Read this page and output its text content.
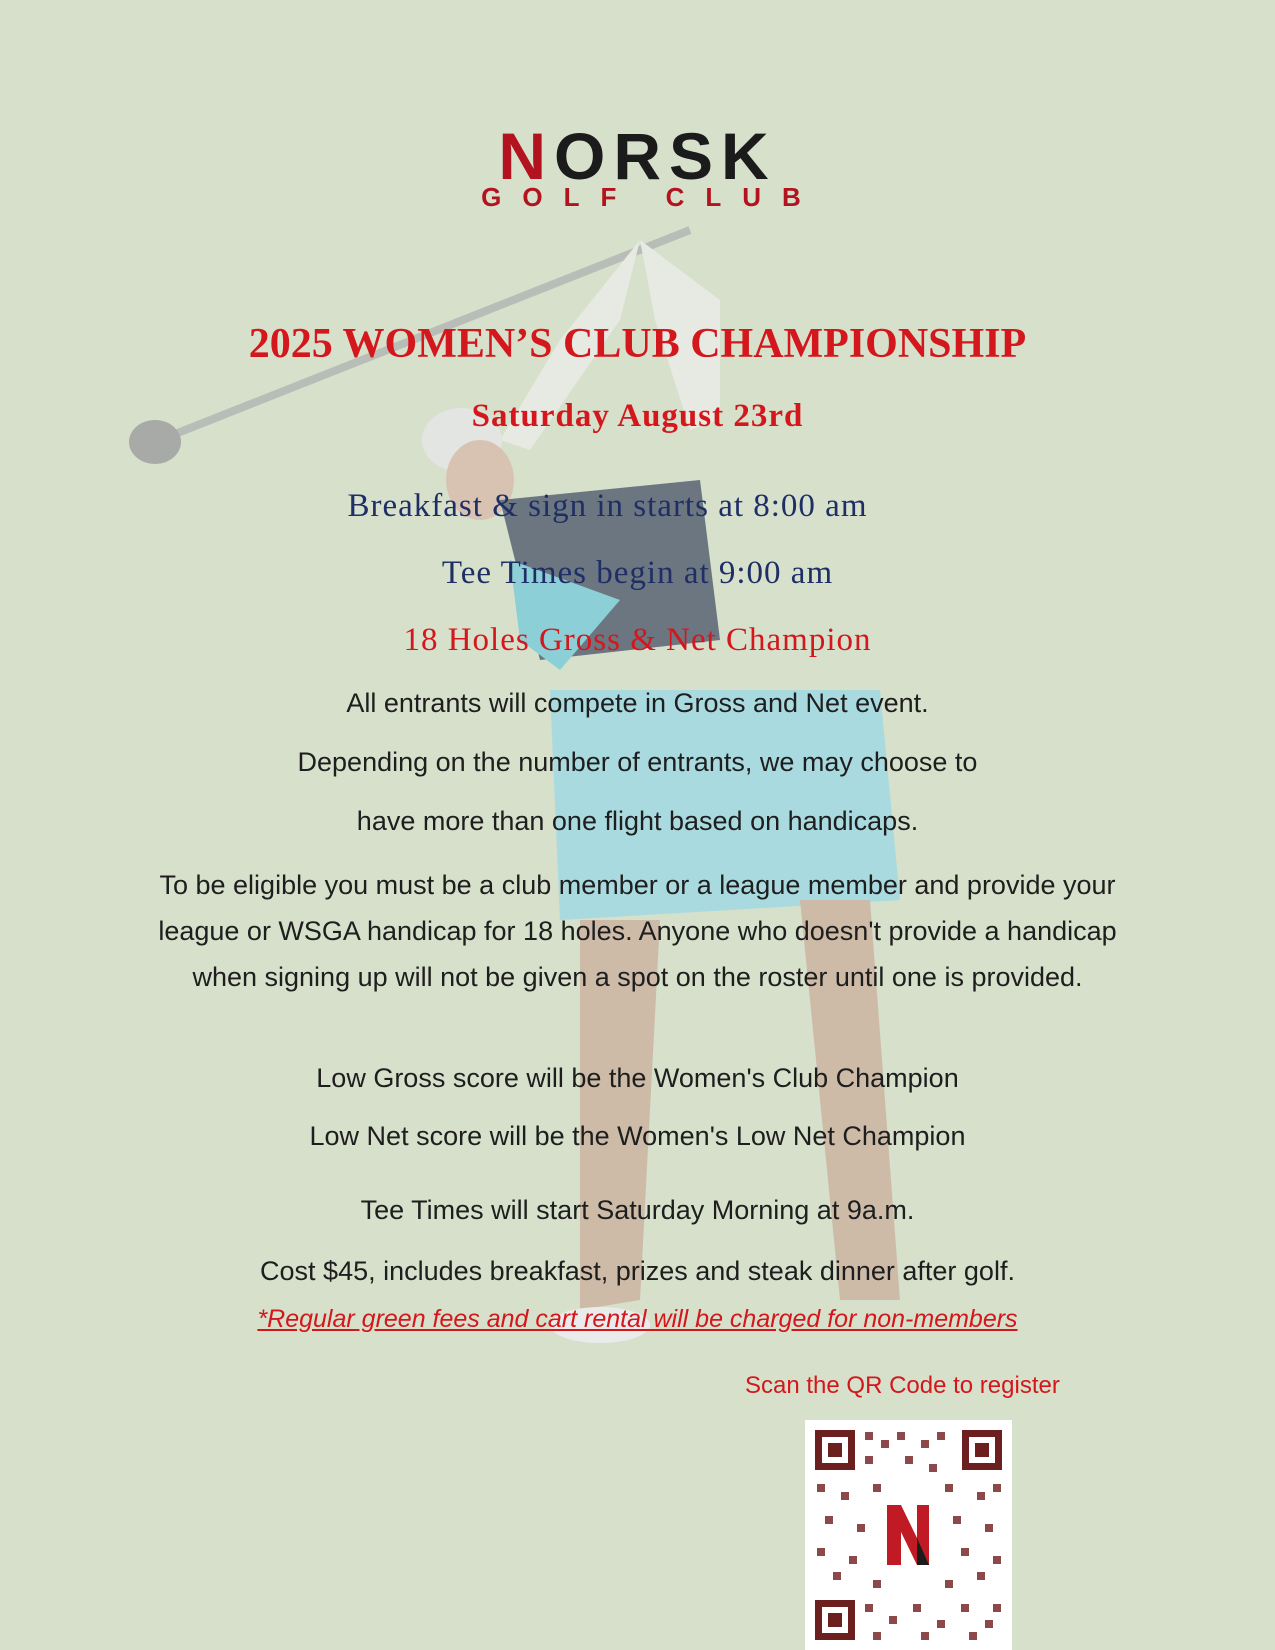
NORSK
GOLF CLUB
2025 WOMEN’S CLUB CHAMPIONSHIP
Saturday August 23rd
Breakfast & sign in starts at 8:00 am
Tee Times begin at 9:00 am
18 Holes Gross & Net Champion
All entrants will compete in Gross and Net event.
Depending on the number of entrants, we may choose to
have more than one flight based on handicaps.
To be eligible you must be a club member or a league member and provide your league or WSGA handicap for 18 holes. Anyone who doesn't provide a handicap when signing up will not be given a spot on the roster until one is provided.
Low Gross score will be the Women's Club Champion
Low Net score will be the Women's Low Net Champion
Tee Times will start Saturday Morning at 9a.m.
Cost $45, includes breakfast, prizes and steak dinner after golf.
*Regular green fees and cart rental will be charged for non-members
Scan the QR Code to register
